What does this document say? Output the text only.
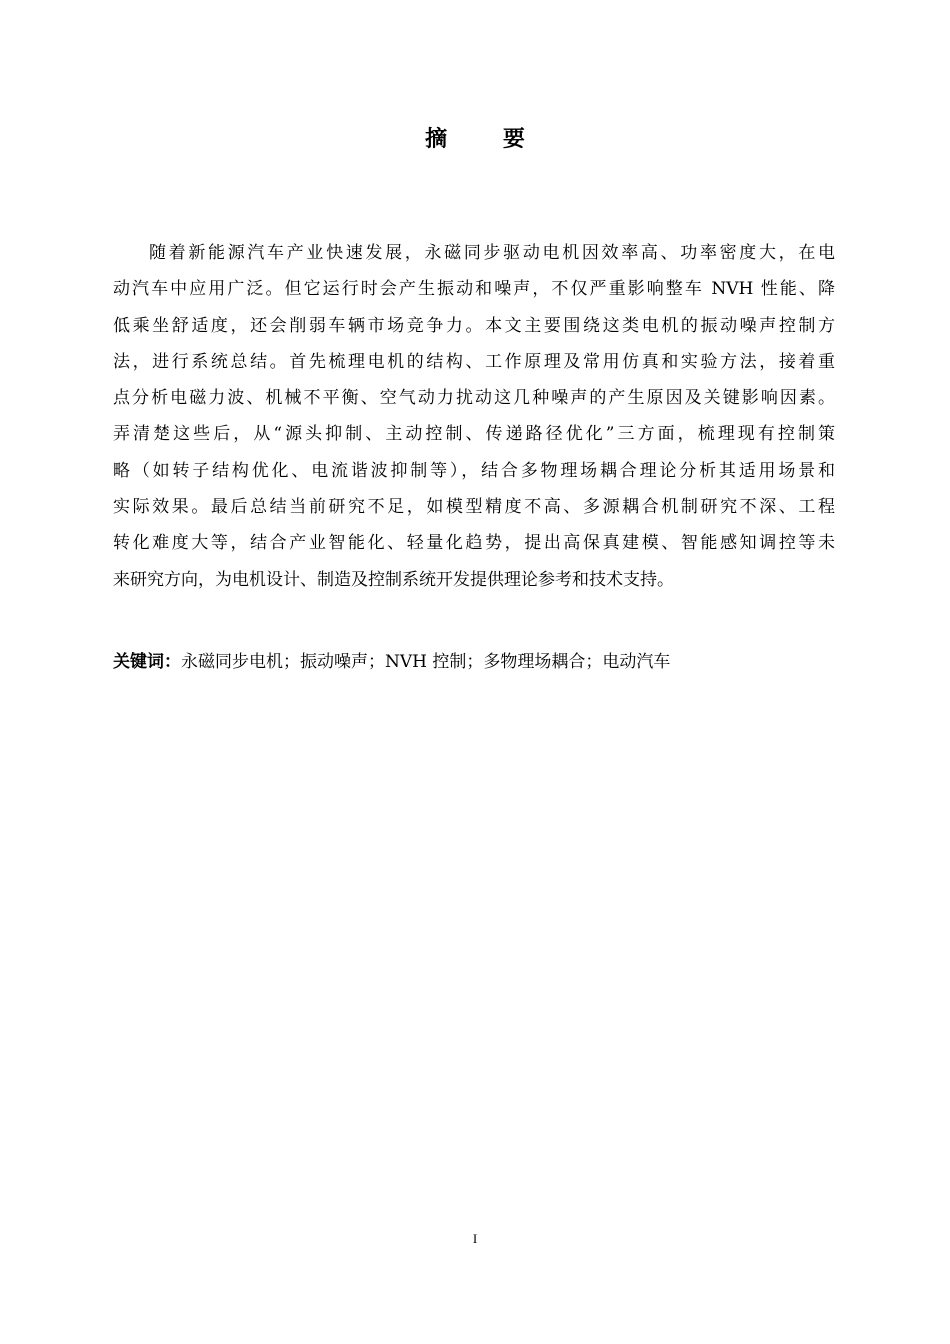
摘 要
随着新能源汽车产业快速发展，永磁同步驱动电机因效率高、功率密度大，在电
动汽车中应用广泛。但它运行时会产生振动和噪声，不仅严重影响整车 NVH 性能、降
低乘坐舒适度，还会削弱车辆市场竞争力。本文主要围绕这类电机的振动噪声控制方
法，进行系统总结。首先梳理电机的结构、工作原理及常用仿真和实验方法，接着重
点分析电磁力波、机械不平衡、空气动力扰动这几种噪声的产生原因及关键影响因素。
弄清楚这些后，从“源头抑制、主动控制、传递路径优化”三方面，梳理现有控制策
略（如转子结构优化、电流谐波抑制等），结合多物理场耦合理论分析其适用场景和
实际效果。最后总结当前研究不足，如模型精度不高、多源耦合机制研究不深、工程
转化难度大等，结合产业智能化、轻量化趋势，提出高保真建模、智能感知调控等未
来研究方向，为电机设计、制造及控制系统开发提供理论参考和技术支持。
关键词：永磁同步电机；振动噪声；NVH 控制；多物理场耦合；电动汽车
I
